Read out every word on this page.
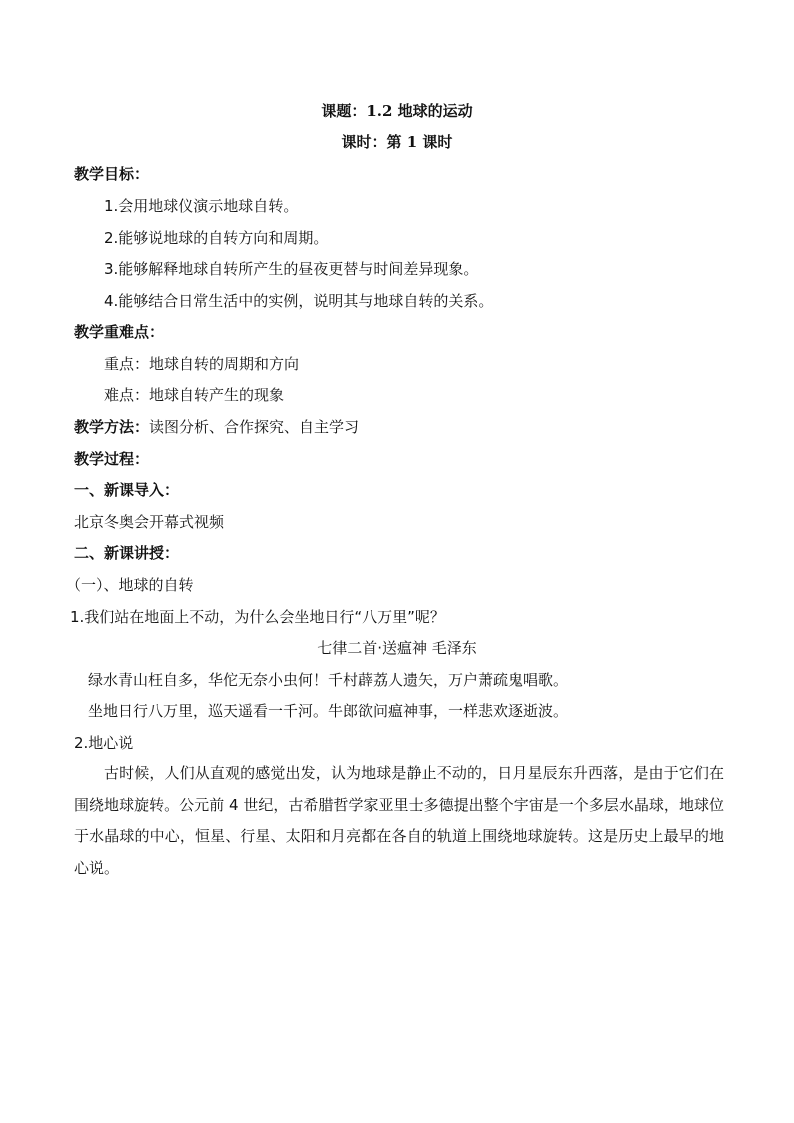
课题：1.2 地球的运动
课时：第 1 课时
教学目标：
1.会用地球仪演示地球自转。
2.能够说地球的自转方向和周期。
3.能够解释地球自转所产生的昼夜更替与时间差异现象。
4.能够结合日常生活中的实例，说明其与地球自转的关系。
教学重难点：
重点：地球自转的周期和方向
难点：地球自转产生的现象
教学方法：读图分析、合作探究、自主学习
教学过程：
一、新课导入：
北京冬奥会开幕式视频
二、新课讲授：
（一）、地球的自转
1.我们站在地面上不动，为什么会坐地日行“八万里”呢？
七律二首·送瘟神 毛泽东
绿水青山枉自多，华佗无奈小虫何！千村薜荔人遗矢，万户萧疏鬼唱歌。
坐地日行八万里，巡天遥看一千河。牛郎欲问瘟神事，一样悲欢逐逝波。
2.地心说
古时候，人们从直观的感觉出发，认为地球是静止不动的，日月星辰东升西落，是由于它们在围绕地球旋转。公元前 4 世纪，古希腊哲学家亚里士多德提出整个宇宙是一个多层水晶球，地球位于水晶球的中心，恒星、行星、太阳和月亮都在各自的轨道上围绕地球旋转。这是历史上最早的地心说。
